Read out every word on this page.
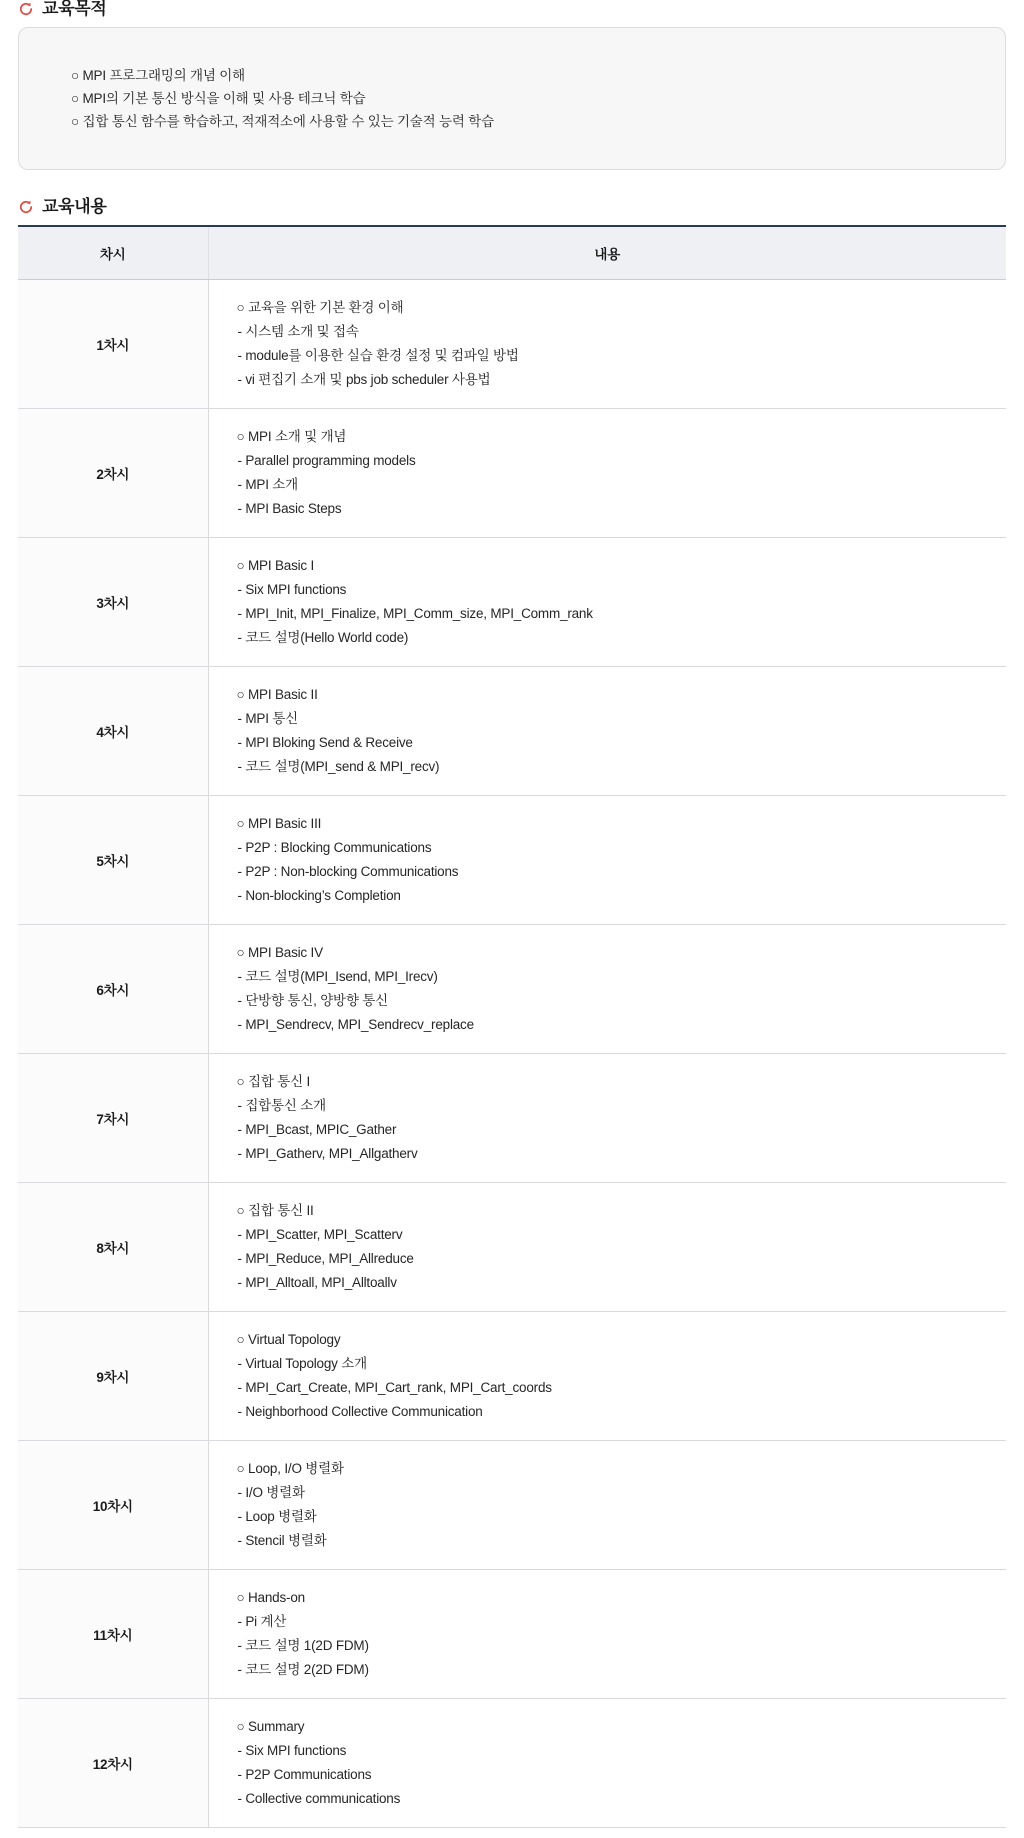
교육목적
○ MPI 프로그래밍의 개념 이해
○ MPI의 기본 통신 방식을 이해 및 사용 테크닉 학습
○ 집합 통신 함수를 학습하고, 적재적소에 사용할 수 있는 기술적 능력 학습
교육내용
차시	내용
1차시	○ 교육을 위한 기본 환경 이해
- 시스템 소개 및 접속
- module를 이용한 실습 환경 설정 및 컴파일 방법
- vi 편집기 소개 및 pbs job scheduler 사용법

2차시	○ MPI 소개 및 개념
- Parallel programming models
- MPI 소개
- MPI Basic Steps

3차시	○ MPI Basic I
- Six MPI functions
- MPI_Init, MPI_Finalize, MPI_Comm_size, MPI_Comm_rank
- 코드 설명(Hello World code)

4차시	○ MPI Basic II
- MPI 통신
- MPI Bloking Send & Receive
- 코드 설명(MPI_send & MPI_recv)

5차시	○ MPI Basic III
- P2P : Blocking Communications
- P2P : Non-blocking Communications
- Non-blocking’s Completion

6차시	○ MPI Basic IV
- 코드 설명(MPI_Isend, MPI_Irecv)
- 단방향 통신, 양방향 통신
- MPI_Sendrecv, MPI_Sendrecv_replace

7차시	○ 집합 통신 I
- 집합통신 소개
- MPI_Bcast, MPIC_Gather
- MPI_Gatherv, MPI_Allgatherv

8차시	○ 집합 통신 II
- MPI_Scatter, MPI_Scatterv
- MPI_Reduce, MPI_Allreduce
- MPI_Alltoall, MPI_Alltoallv

9차시	○ Virtual Topology
- Virtual Topology 소개
- MPI_Cart_Create, MPI_Cart_rank, MPI_Cart_coords
- Neighborhood Collective Communication

10차시	○ Loop, I/O 병렬화
- I/O 병렬화
- Loop 병렬화
- Stencil 병렬화

11차시	○ Hands-on
- Pi 계산
- 코드 설명 1(2D FDM)
- 코드 설명 2(2D FDM)

12차시	○ Summary
- Six MPI functions
- P2P Communications
- Collective communications
